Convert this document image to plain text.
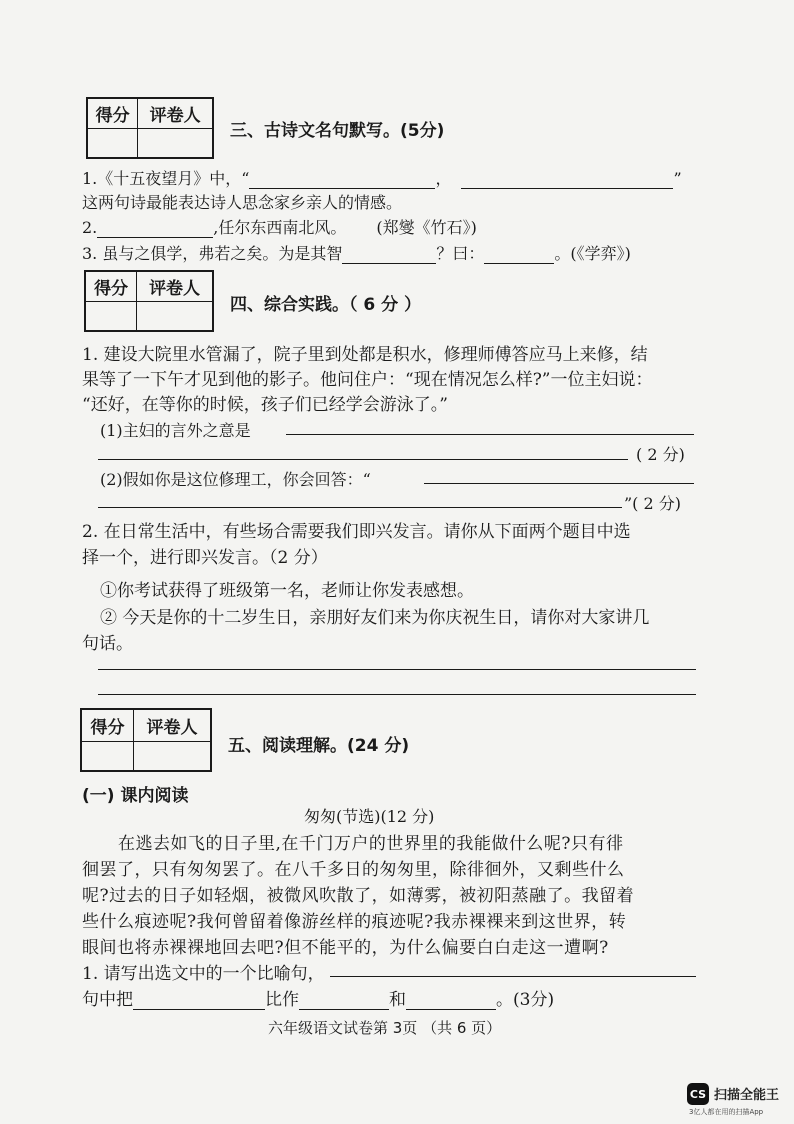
得分	评卷人

三、古诗文名句默写。(5分)
1.《十五夜望月》中，“	，	”
这两句诗最能表达诗人思念家乡亲人的情感。
2.	,任尔东西南北风。 (郑燮《竹石》)
3. 虽与之俱学，弗若之矣。为是其智	？曰：	。(《学弈》)
得分	评卷人

四、综合实践。（ 6 分 ）
1. 建设大院里水管漏了，院子里到处都是积水，修理师傅答应马上来修，结
果等了一下午才见到他的影子。他问住户：“现在情况怎么样?”一位主妇说：
“还好，在等你的时候，孩子们已经学会游泳了。”
(1)主妇的言外之意是
( 2 分)
(2)假如你是这位修理工，你会回答：“
”( 2 分)
2. 在日常生活中，有些场合需要我们即兴发言。请你从下面两个题目中选
择一个，进行即兴发言。（2 分）
①你考试获得了班级第一名，老师让你发表感想。
② 今天是你的十二岁生日，亲朋好友们来为你庆祝生日，请你对大家讲几
句话。
得分	评卷人

五、阅读理解。(24 分)
(一) 课内阅读
匆匆(节选)(12 分)
在逃去如飞的日子里,在千门万户的世界里的我能做什么呢?只有徘
徊罢了，只有匆匆罢了。在八千多日的匆匆里，除徘徊外，又剩些什么
呢?过去的日子如轻烟，被微风吹散了，如薄雾，被初阳蒸融了。我留着
些什么痕迹呢?我何曾留着像游丝样的痕迹呢?我赤裸裸来到这世界，转
眼间也将赤裸裸地回去吧?但不能平的，为什么偏要白白走这一遭啊?
1. 请写出选文中的一个比喻句，
句中把	比作	和	。(3分)
六年级语文试卷第 3页 （共 6 页）
CS 扫描全能王
3亿人都在用的扫描App
